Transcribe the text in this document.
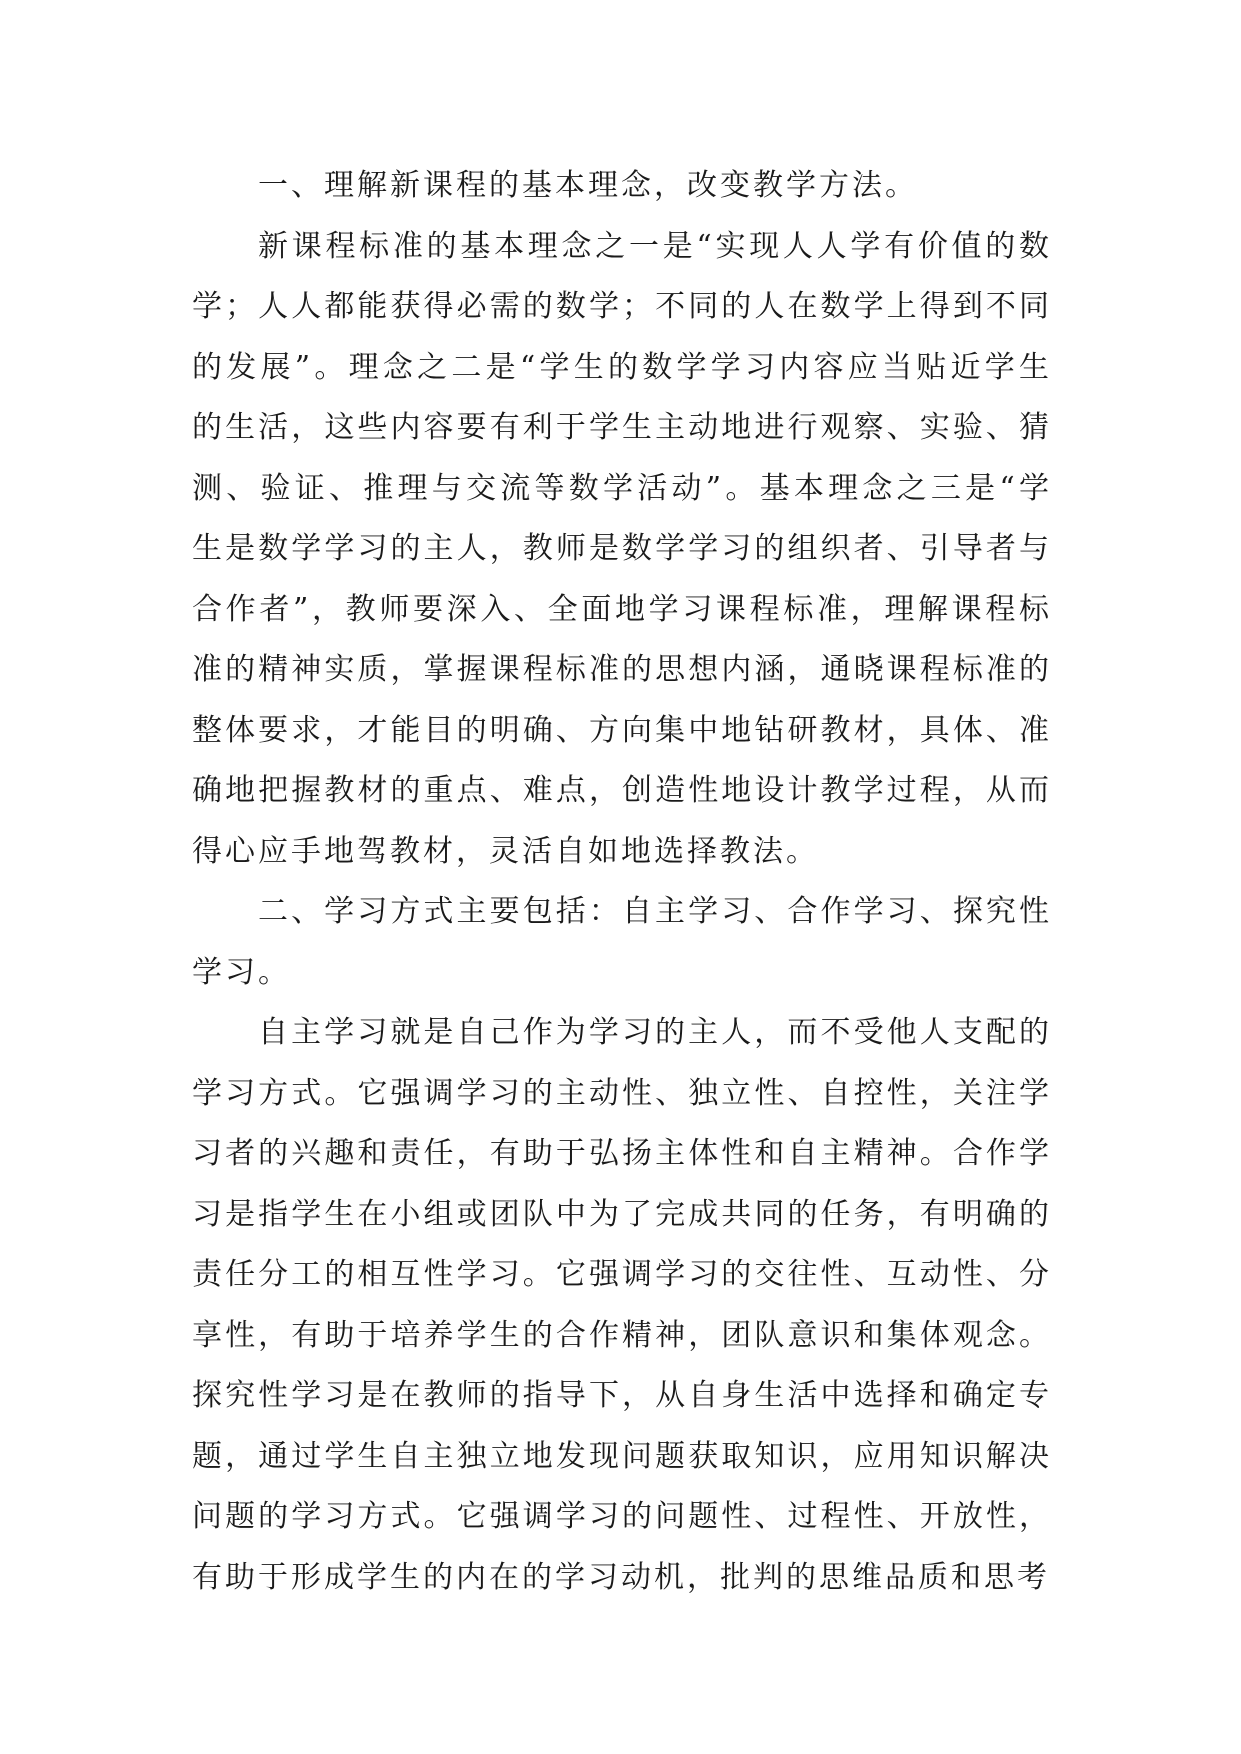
一、理解新课程的基本理念，改变教学方法。

新课程标准的基本理念之一是“实现人人学有价值的数学；人人都能获得必需的数学；不同的人在数学上得到不同的发展”。理念之二是“学生的数学学习内容应当贴近学生的生活，这些内容要有利于学生主动地进行观察、实验、猜测、验证、推理与交流等数学活动”。基本理念之三是“学生是数学学习的主人，教师是数学学习的组织者、引导者与合作者”，教师要深入、全面地学习课程标准，理解课程标准的精神实质，掌握课程标准的思想内涵，通晓课程标准的整体要求，才能目的明确、方向集中地钻研教材，具体、准确地把握教材的重点、难点，创造性地设计教学过程，从而得心应手地驾教材，灵活自如地选择教法。

二、学习方式主要包括：自主学习、合作学习、探究性学习。

自主学习就是自己作为学习的主人，而不受他人支配的学习方式。它强调学习的主动性、独立性、自控性，关注学习者的兴趣和责任，有助于弘扬主体性和自主精神。合作学习是指学生在小组或团队中为了完成共同的任务，有明确的责任分工的相互性学习。它强调学习的交往性、互动性、分享性，有助于培养学生的合作精神，团队意识和集体观念。探究性学习是在教师的指导下，从自身生活中选择和确定专题，通过学生自主独立地发现问题获取知识，应用知识解决问题的学习方式。它强调学习的问题性、过程性、开放性，有助于形成学生的内在的学习动机，批判的思维品质和思考
